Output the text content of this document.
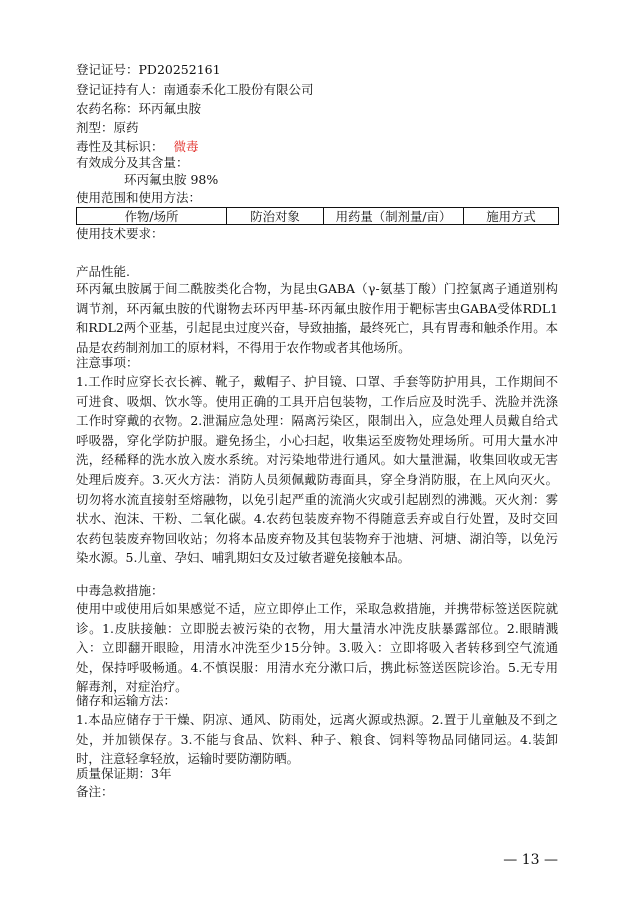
登记证号：PD20252161
登记证持有人：南通泰禾化工股份有限公司
农药名称：环丙氟虫胺
剂型：原药
毒性及其标识： 微毒
有效成分及其含量：
环丙氟虫胺 98%
使用范围和使用方法：
作物/场所	防治对象	用药量（制剂量/亩）	施用方式
使用技术要求：
产品性能.
环丙氟虫胺属于间二酰胺类化合物，为昆虫GABA（γ-氨基丁酸）门控氯离子通道别构调节剂，环丙氟虫胺的代谢物去环丙甲基-环丙氟虫胺作用于靶标害虫GABA受体RDL1和RDL2两个亚基，引起昆虫过度兴奋，导致抽搐，最终死亡，具有胃毒和触杀作用。本品是农药制剂加工的原材料，不得用于农作物或者其他场所。
注意事项：
1.工作时应穿长衣长裤、靴子，戴帽子、护目镜、口罩、手套等防护用具，工作期间不可进食、吸烟、饮水等。使用正确的工具开启包装物，工作后应及时洗手、洗脸并洗涤工作时穿戴的衣物。2.泄漏应急处理：隔离污染区，限制出入，应急处理人员戴自给式呼吸器，穿化学防护服。避免扬尘，小心扫起，收集运至废物处理场所。可用大量水冲洗，经稀释的洗水放入废水系统。对污染地带进行通风。如大量泄漏，收集回收或无害处理后废弃。3.灭火方法：消防人员须佩戴防毒面具，穿全身消防服，在上风向灭火。切勿将水流直接射至熔融物，以免引起严重的流淌火灾或引起剧烈的沸溅。灭火剂：雾状水、泡沫、干粉、二氧化碳。4.农药包装废弃物不得随意丢弃或自行处置，及时交回农药包装废弃物回收站；勿将本品废弃物及其包装物弃于池塘、河塘、湖泊等，以免污染水源。5.儿童、孕妇、哺乳期妇女及过敏者避免接触本品。
中毒急救措施：
使用中或使用后如果感觉不适，应立即停止工作，采取急救措施，并携带标签送医院就诊。1.皮肤接触：立即脱去被污染的衣物，用大量清水冲洗皮肤暴露部位。2.眼睛溅入：立即翻开眼睑，用清水冲洗至少15分钟。3.吸入：立即将吸入者转移到空气流通处，保持呼吸畅通。4.不慎误服：用清水充分漱口后，携此标签送医院诊治。5.无专用解毒剂，对症治疗。
储存和运输方法：
1.本品应储存于干燥、阴凉、通风、防雨处，远离火源或热源。2.置于儿童触及不到之处，并加锁保存。3.不能与食品、饮料、种子、粮食、饲料等物品同储同运。4.装卸时，注意轻拿轻放，运输时要防潮防晒。
质量保证期：3年
备注：
— 13 —
